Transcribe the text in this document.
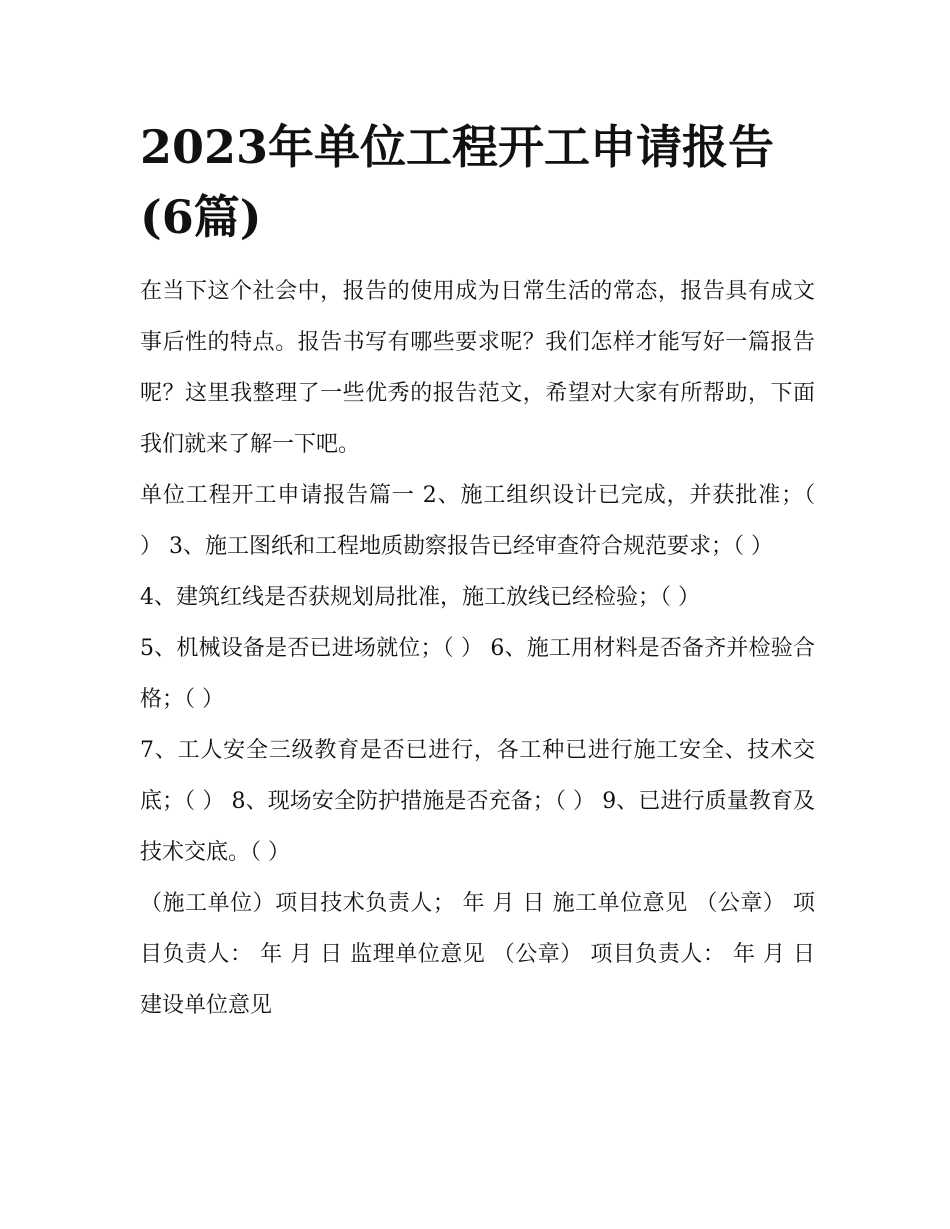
2023年单位工程开工申请报告(6篇)

在当下这个社会中，报告的使用成为日常生活的常态，报告具有成文事后性的特点。报告书写有哪些要求呢？我们怎样才能写好一篇报告呢？这里我整理了一些优秀的报告范文，希望对大家有所帮助，下面我们就来了解一下吧。

单位工程开工申请报告篇一 2、施工组织设计已完成，并获批准；（ ） 3、施工图纸和工程地质勘察报告已经审查符合规范要求；（ ）

4、建筑红线是否获规划局批准，施工放线已经检验；（ ）

5、机械设备是否已进场就位；（ ） 6、施工用材料是否备齐并检验合格；（ ）

7、工人安全三级教育是否已进行，各工种已进行施工安全、技术交底；（ ） 8、现场安全防护措施是否充备；（ ） 9、已进行质量教育及技术交底。（ ）

（施工单位）项目技术负责人； 年 月 日 施工单位意见 （公章） 项目负责人： 年 月 日 监理单位意见 （公章） 项目负责人： 年 月 日 建设单位意见
